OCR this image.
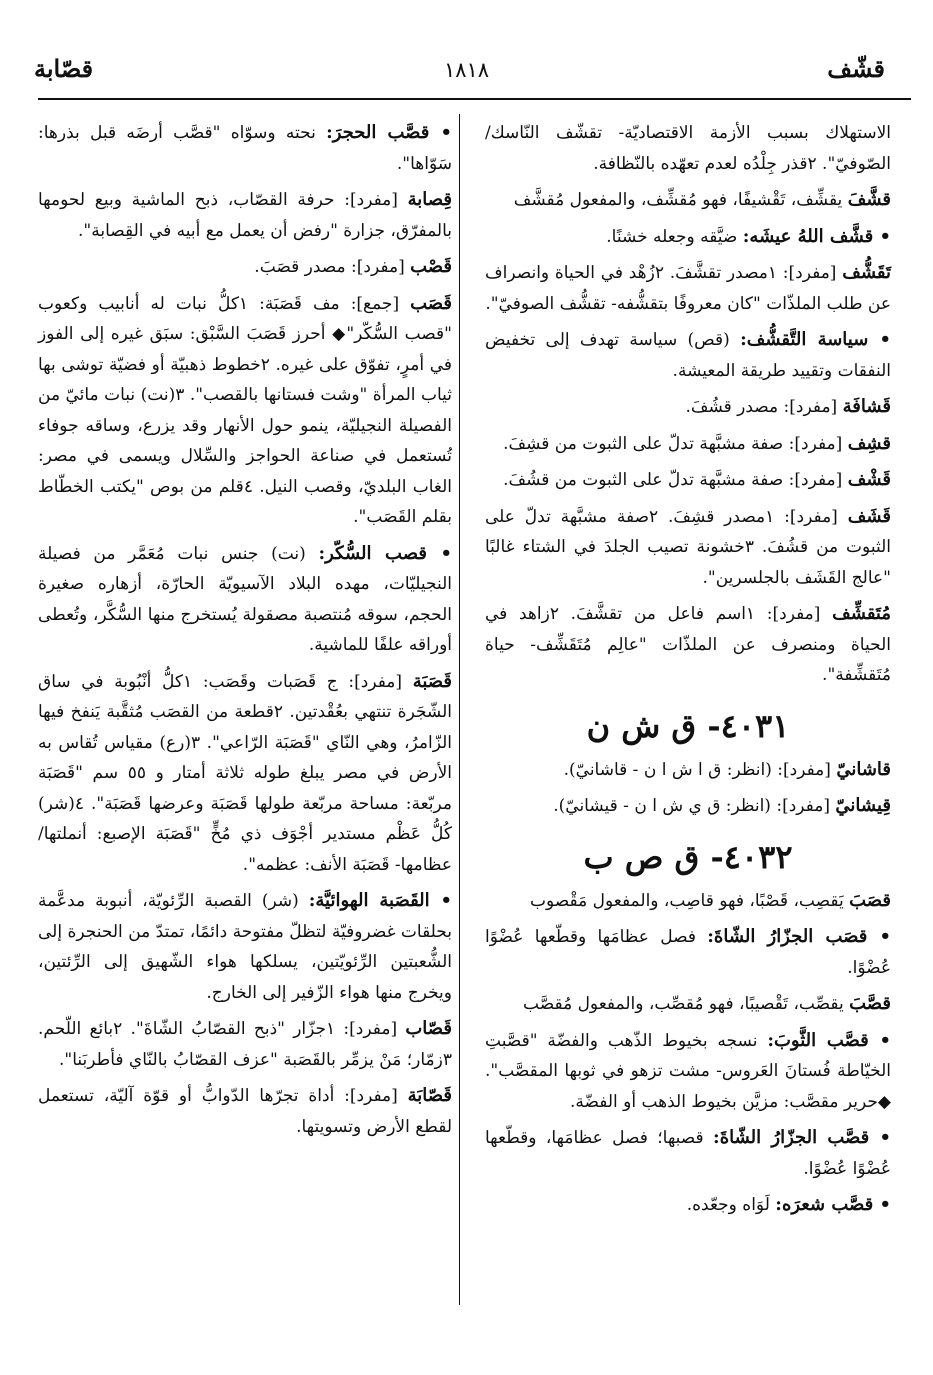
قشّف
١٨١٨
قصّابة
الاستهلاك بسبب الأزمة الاقتصاديّة- تقشّف النّاسك/ الصّوفيّ". ٢قذر جِلْدُه لعدم تعهّده بالنّظافة.
قشَّفَ يقشِّف، تَقْشيفًا، فهو مُقشِّف، والمفعول مُقشَّف
• قشَّف اللهُ عيشَه: ضيَّقه وجعله خشنًا.
تَقَشُّف [مفرد]: ١مصدر تقشَّفَ. ٢زُهْد في الحياة وانصراف عن طلب الملذّات "كان معروفًا بتقشُّفه- تقشُّف الصوفيّ".
• سياسة التَّقشُّف: (قص) سياسة تهدف إلى تخفيض النفقات وتقييد طريقة المعيشة.
قَشافَة [مفرد]: مصدر قشُفَ.
قشِف [مفرد]: صفة مشبَّهة تدلّ على الثبوت من قشِفَ.
قَشْف [مفرد]: صفة مشبَّهة تدلّ على الثبوت من قشُفَ.
قَشَف [مفرد]: ١مصدر قشِفَ. ٢صفة مشبَّهة تدلّ على الثبوت من قشُفَ. ٣خشونة تصيب الجلدَ في الشتاء غالبًا "عالج القَشَف بالجلسرين".
مُتَقشِّف [مفرد]: ١اسم فاعل من تقشَّفَ. ٢زاهد في الحياة ومنصرف عن الملذّات "عالِم مُتَقَشِّف- حياة مُتَقشِّفة".
٤٠٣١- ق ش ن
قاشانيّ [مفرد]: (انظر: ق ا ش ا ن - قاشانيّ).
قِيشانيّ [مفرد]: (انظر: ق ي ش ا ن - قيشانيّ).
٤٠٣٢- ق ص ب
قصَبَ يَقصِب، قَصْبًا، فهو قاصِب، والمفعول مَقْصوب
• قصَب الجزّارُ الشّاةَ: فصل عظامَها وقطّعها عُضْوًا عُضْوًا.
قصَّبَ يقصِّب، تَقْصيبًا، فهو مُقصِّب، والمفعول مُقصَّب
• قصَّب الثَّوبَ: نسجه بخيوط الذّهب والفضّة "قصَّبتِ الخيّاطة فُستانَ العَروس- مشت تزهو في ثوبها المقصَّب". ◆حرير مقصَّب: مزيَّن بخيوط الذهب أو الفضّة.
• قصَّب الجزّارُ الشّاةَ: قصبها؛ فصل عظامَها، وقطّعها عُضْوًا عُضْوًا.
• قصَّب شعرَه: لَوَاه وجعّده.
• قصَّب الحجرَ: نحته وسوّاه "قصَّب أرضَه قبل بذرها: سَوّاها".
قِصابة [مفرد]: حرفة القصّاب، ذبح الماشية وبيع لحومها بالمفرّق، جزارة "رفض أن يعمل مع أبيه في القِصابة".
قَصْب [مفرد]: مصدر قصَبَ.
قَصَب [جمع]: مف قَصَبَة: ١كلُّ نبات له أنابيب وكعوب "قصب السُّكّر"◆ أحرز قَصَبَ السَّبْق: سبَق غيره إلى الفوز في أمرٍ، تفوّق على غيره. ٢خطوط ذهبيّة أو فضيّة توشى بها ثياب المرأة "وشت فستانها بالقصب". ٣(نت) نبات مائيّ من الفصيلة النجيليّة، ينمو حول الأنهار وقد يزرع، وساقه جوفاء تُستعمل في صناعة الحواجز والسِّلال ويسمى في مصر: الغاب البلديّ، وقصب النيل. ٤قلم من بوص "يكتب الخطّاط بقلم القَصَب".
• قصب السُّكّر: (نت) جنس نبات مُعَمَّر من فصيلة النجيليّات، مهده البلاد الآسيويّة الحارّة، أزهاره صغيرة الحجم، سوقه مُنتصبة مصقولة يُستخرج منها السُّكَّر، وتُعطى أوراقه علفًا للماشية.
قَصَبَة [مفرد]: ج قَصَبات وقَصَب: ١كلُّ أنْبُوبة في ساق الشّجَرة تنتهي بعُقْدتين. ٢قطعة من القصَب مُثقَّبة يَنفخ فيها الزّامرُ، وهي النّاي "قَصَبَة الرّاعي". ٣(رع) مقياس تُقاس به الأرض في مصر يبلغ طوله ثلاثة أمتار و ٥٥ سم "قَصَبَة مربّعة: مساحة مربّعة طولها قَصَبَة وعرضها قَصَبَة". ٤(شر) كُلُّ عَظْم مستدير أجْوَف ذي مُخٍّ "قَصَبَة الإصبع: أنملتها/ عظامها- قَصَبَة الأنف: عظمه".
• القَصَبة الهوائيَّة: (شر) القصبة الرِّئويّة، أنبوبة مدعَّمة بحلقات غضروفيّة لتظلّ مفتوحة دائمًا، تمتدّ من الحنجرة إلى الشُّعبتين الرِّئويّتين، يسلكها هواء الشّهيق إلى الرِّئتين، ويخرج منها هواء الزّفير إلى الخارج.
قَصّاب [مفرد]: ١جزّار "ذبح القصّابُ الشّاةَ". ٢بائع اللّحم. ٣زمّار؛ مَنْ يزمِّر بالقَصَبة "عزف القصّابُ بالنّاي فأطربَنا".
قَصّابَة [مفرد]: أداة تجرّها الدّوابُّ أو قوّة آليّة، تستعمل لقطع الأرض وتسويتها.
